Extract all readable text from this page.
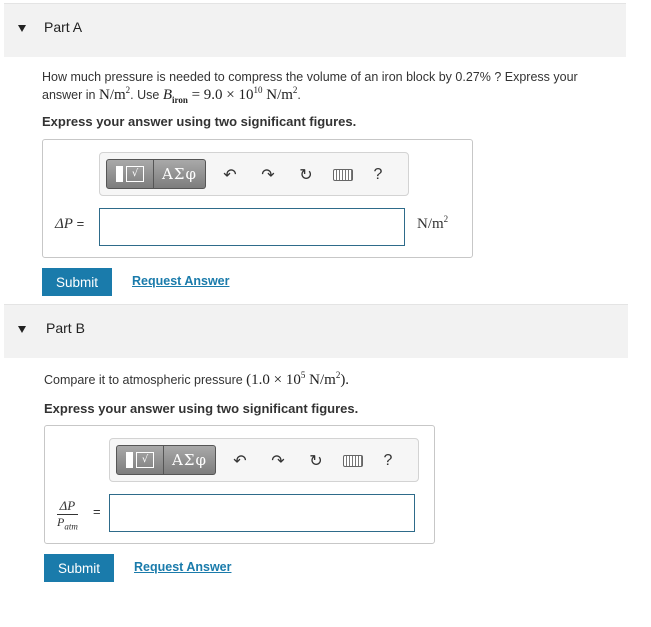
Part A
How much pressure is needed to compress the volume of an iron block by 0.27% ? Express your
answer in $N/m^2$. Use $B_{iron} = 9.0 \times 10^{10}$ $N/m^2$.
Express your answer using two significant figures.
√	ΑΣφ	↶ ↷ ↻	?
ΔP =	$N/m^2$
Submit	Request Answer
Part B
Compare it to atmospheric pressure ($1.0 \times 10^5$ $N/m^2$).
Express your answer using two significant figures.
√	ΑΣφ	↶ ↷ ↻	?
ΔP
$P_{atm}$
=
Submit	Request Answer
